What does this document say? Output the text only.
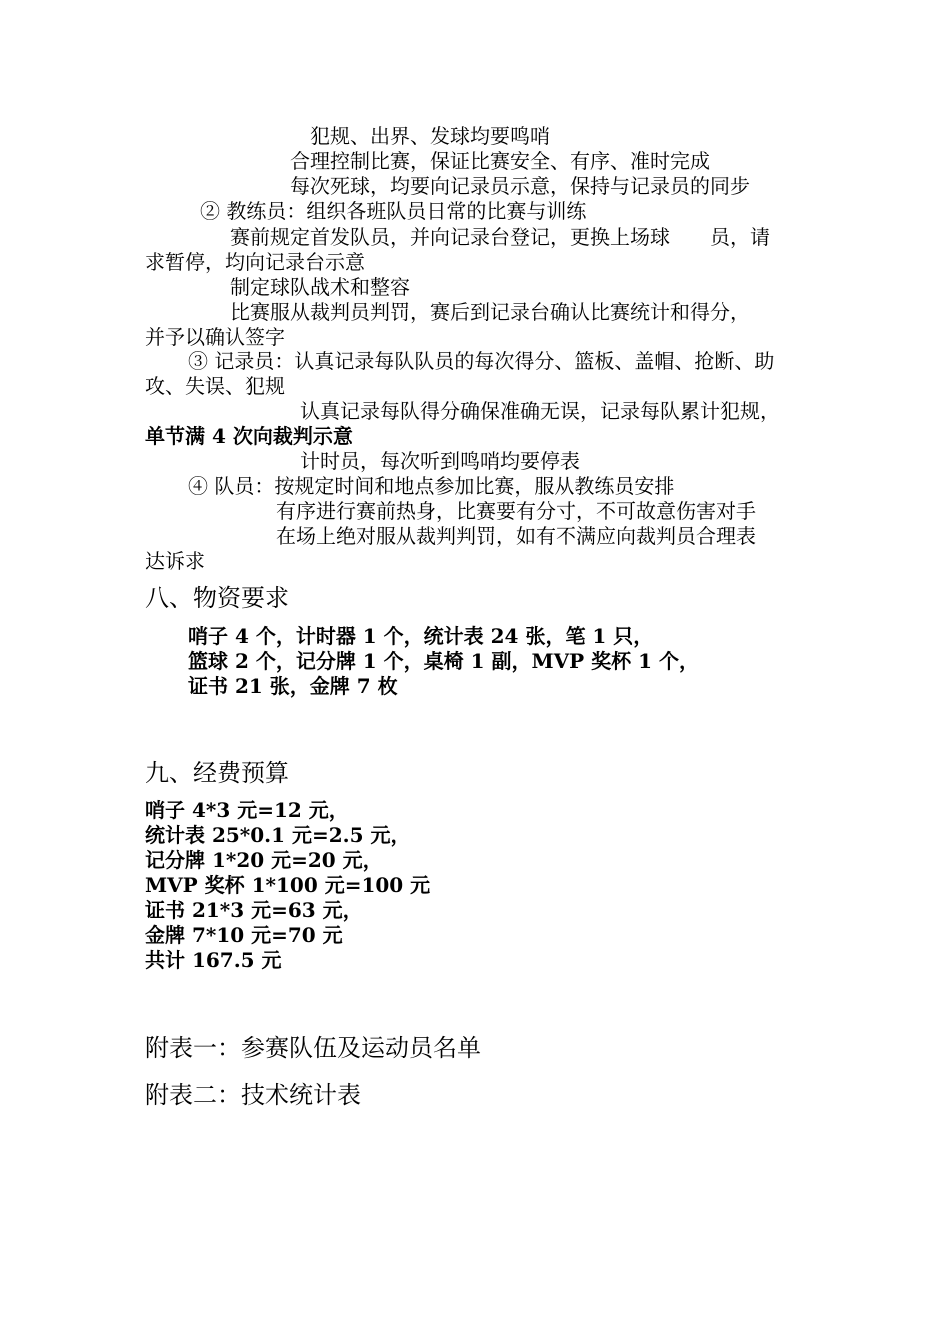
犯规、出界、发球均要鸣哨
合理控制比赛，保证比赛安全、有序、准时完成
每次死球，均要向记录员示意，保持与记录员的同步
② 教练员：组织各班队员日常的比赛与训练
赛前规定首发队员，并向记录台登记，更换上场球　　员，请
求暂停，均向记录台示意
制定球队战术和整容
比赛服从裁判员判罚，赛后到记录台确认比赛统计和得分，
并予以确认签字
③ 记录员：认真记录每队队员的每次得分、篮板、盖帽、抢断、助
攻、失误、犯规
认真记录每队得分确保准确无误，记录每队累计犯规，
单节满 4 次向裁判示意
计时员，每次听到鸣哨均要停表
④ 队员：按规定时间和地点参加比赛，服从教练员安排
有序进行赛前热身，比赛要有分寸，不可故意伤害对手
在场上绝对服从裁判判罚，如有不满应向裁判员合理表
达诉求
八、物资要求
哨子 4 个，计时器 1 个，统计表 24 张，笔 1 只，
篮球 2 个，记分牌 1 个，桌椅 1 副，MVP 奖杯 1 个，
证书 21 张，金牌 7 枚
九、经费预算
哨子 4*3 元=12 元，
统计表 25*0.1 元=2.5 元，
记分牌 1*20 元=20 元，
MVP 奖杯 1*100 元=100 元
证书 21*3 元=63 元，
金牌 7*10 元=70 元
共计 167.5 元
附表一：参赛队伍及运动员名单
附表二：技术统计表
